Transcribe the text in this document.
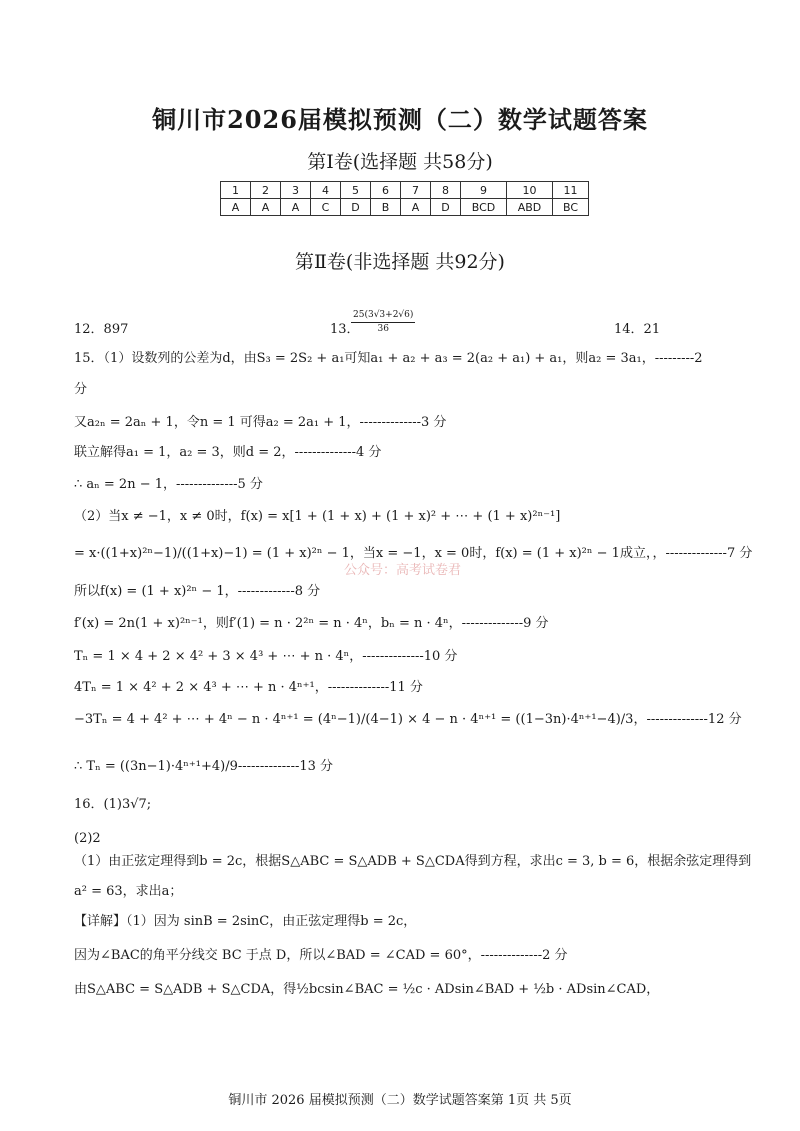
铜川市2026届模拟预测（二）数学试题答案
第Ⅰ卷(选择题 共58分)
1	2	3	4	5	6	7	8	9	10	11
A	A	A	C	D	B	A	D	BCD	ABD	BC
第Ⅱ卷(非选择题 共92分)
12．897	13．	14．21
$\frac{25(3√3+2√6)}{36}$
15．（1）设数列的公差为d，由S₃ = 2S₂ + a₁可知a₁ + a₂ + a₃ = 2(a₂ + a₁) + a₁，则a₂ = 3a₁，---------2
分
又a₂ₙ = 2aₙ + 1，令n = 1 可得a₂ = 2a₁ + 1，--------------3 分
联立解得a₁ = 1，a₂ = 3，则d = 2，--------------4 分
∴ aₙ = 2n − 1，--------------5 分
（2）当x ≠ −1，x ≠ 0时，f(x) = x[1 + (1 + x) + (1 + x)² + ⋯ + (1 + x)²ⁿ⁻¹]
= x·((1+x)²ⁿ−1)/((1+x)−1) = (1 + x)²ⁿ − 1，当x = −1，x = 0时，f(x) = (1 + x)²ⁿ − 1成立，，--------------7 分
所以f(x) = (1 + x)²ⁿ − 1，-------------8 分
f′(x) = 2n(1 + x)²ⁿ⁻¹，则f′(1) = n · 2²ⁿ = n · 4ⁿ，bₙ = n · 4ⁿ，--------------9 分
Tₙ = 1 × 4 + 2 × 4² + 3 × 4³ + ⋯ + n · 4ⁿ，--------------10 分
4Tₙ = 1 × 4² + 2 × 4³ + ⋯ + n · 4ⁿ⁺¹，--------------11 分
−3Tₙ = 4 + 4² + ⋯ + 4ⁿ − n · 4ⁿ⁺¹ = (4ⁿ−1)/(4−1) × 4 − n · 4ⁿ⁺¹ = ((1−3n)·4ⁿ⁺¹−4)/3，--------------12 分
∴ Tₙ = ((3n−1)·4ⁿ⁺¹+4)/9--------------13 分
16．(1)3√7;
(2)2
（1）由正弦定理得到b = 2c，根据S△ABC = S△ADB + S△CDA得到方程，求出c = 3, b = 6，根据余弦定理得到
a² = 63，求出a；
【详解】（1）因为 sinB = 2sinC，由正弦定理得b = 2c，
因为∠BAC的角平分线交 BC 于点 D，所以∠BAD = ∠CAD = 60°，--------------2 分
由S△ABC = S△ADB + S△CDA，得½bcsin∠BAC = ½c · ADsin∠BAD + ½b · ADsin∠CAD，
公众号：高考试卷君
铜川市 2026 届模拟预测（二）数学试题答案第 1页 共 5页
